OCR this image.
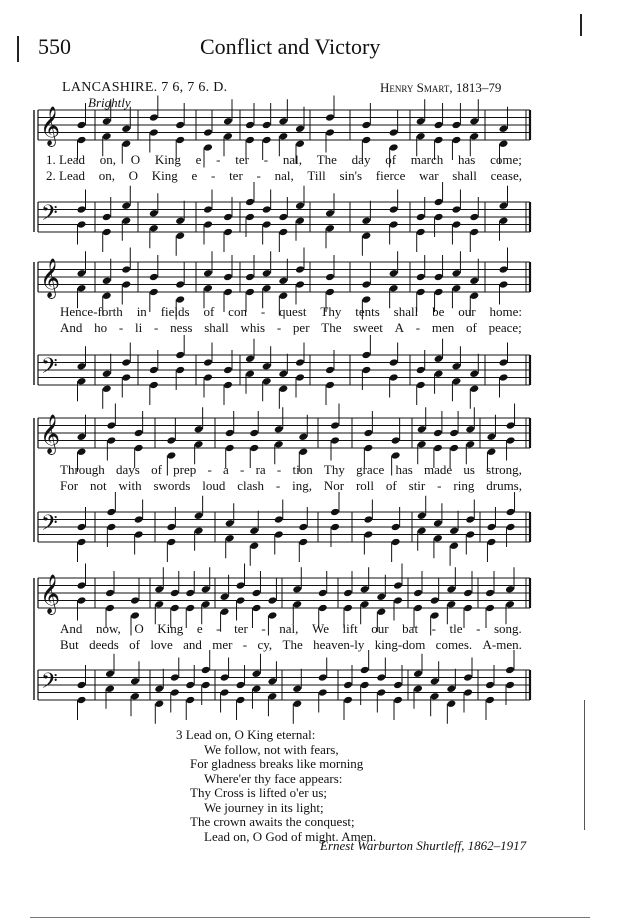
550	Conflict and Victory
LANCASHIRE. 7 6, 7 6. D.	Henry Smart, 1813–79
Brightly
𝄞
𝄢
𝄞
𝄢
𝄞
𝄢
𝄞
𝄢
1. Lead on, O King e - ter - nal, The day of march has come;
2. Lead on, O King e - ter - nal, Till sin's fierce war shall cease,
Hence-forth in fields of con - quest Thy tents shall be our home:
And ho - li - ness shall whis - per The sweet A - men of peace;
Through days of prep - a - ra - tion Thy grace has made us strong,
For not with swords loud clash - ing, Nor roll of stir - ring drums,
And now, O King e - ter - nal, We lift our bat - tle - song.
But deeds of love and mer - cy, The heaven-ly king-dom comes. A-men.
3 Lead on, O King eternal:
We follow, not with fears,
For gladness breaks like morning
Where'er thy face appears:
Thy Cross is lifted o'er us;
We journey in its light;
The crown awaits the conquest;
Lead on, O God of might. Amen.
Ernest Warburton Shurtleff, 1862–1917
